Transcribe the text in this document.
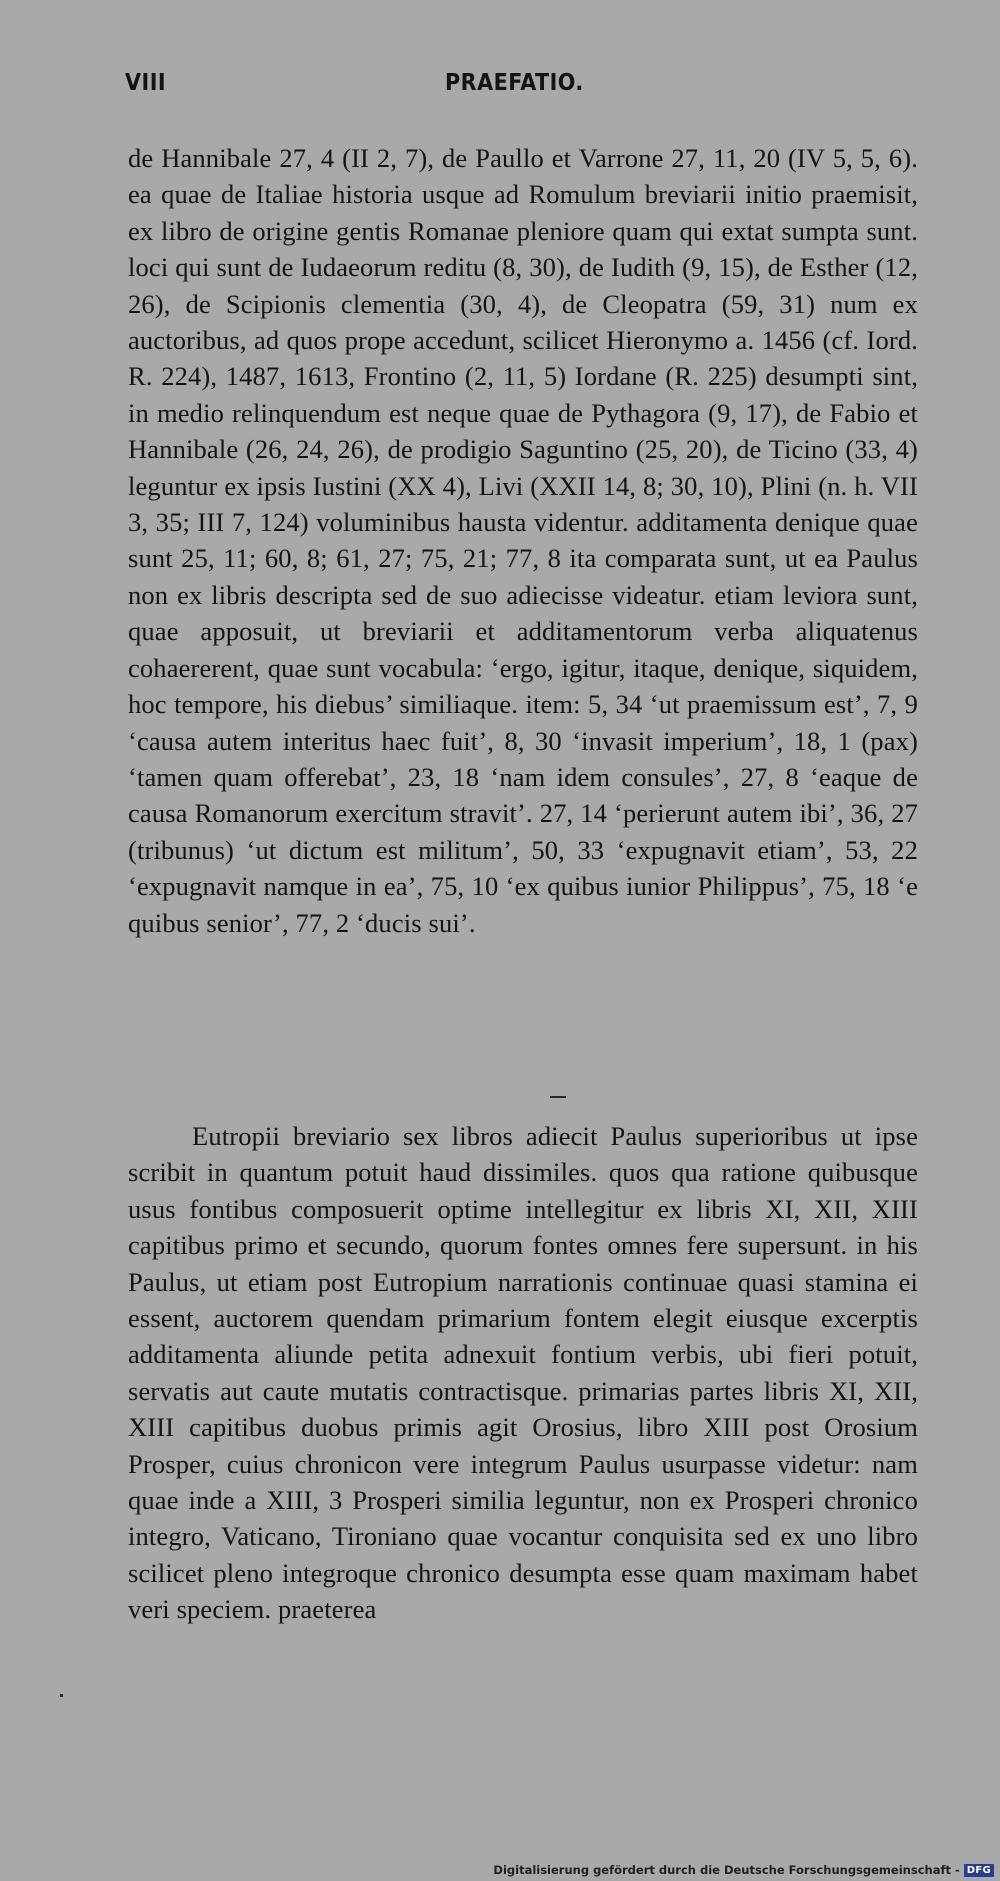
VIII	PRAEFATIO.
de Hannibale 27, 4 (II 2, 7), de Paullo et Varrone 27, 11, 20 (IV 5, 5, 6). ea quae de Italiae historia usque ad Romulum breviarii initio praemisit, ex libro de origine gentis Romanae pleniore quam qui extat sumpta sunt. loci qui sunt de Iudaeorum reditu (8, 30), de Iudith (9, 15), de Esther (12, 26), de Scipionis clementia (30, 4), de Cleopatra (59, 31) num ex auctoribus, ad quos prope accedunt, scilicet Hieronymo a. 1456 (cf. Iord. R. 224), 1487, 1613, Frontino (2, 11, 5) Iordane (R. 225) desumpti sint, in medio relinquendum est neque quae de Pythagora (9, 17), de Fabio et Hannibale (26, 24, 26), de prodigio Saguntino (25, 20), de Ticino (33, 4) leguntur ex ipsis Iustini (XX 4), Livi (XXII 14, 8; 30, 10), Plini (n. h. VII 3, 35; III 7, 124) voluminibus hausta videntur. additamenta denique quae sunt 25, 11; 60, 8; 61, 27; 75, 21; 77, 8 ita comparata sunt, ut ea Paulus non ex libris descripta sed de suo adiecisse videatur. etiam leviora sunt, quae apposuit, ut breviarii et additamentorum verba aliquatenus cohaererent, quae sunt vocabula: ‘ergo, igitur, itaque, denique, siquidem, hoc tempore, his diebus’ similiaque. item: 5, 34 ‘ut praemissum est’, 7, 9 ‘causa autem interitus haec fuit’, 8, 30 ‘invasit imperium’, 18, 1 (pax) ‘tamen quam offerebat’, 23, 18 ‘nam idem consules’, 27, 8 ‘eaque de causa Romanorum exercitum stravit’. 27, 14 ‘perierunt autem ibi’, 36, 27 (tribunus) ‘ut dictum est militum’, 50, 33 ‘expugnavit etiam’, 53, 22 ‘expugnavit namque in ea’, 75, 10 ‘ex quibus iunior Philippus’, 75, 18 ‘e quibus senior’, 77, 2 ‘ducis sui’.
Eutropii breviario sex libros adiecit Paulus superioribus ut ipse scribit in quantum potuit haud dissimiles. quos qua ratione quibusque usus fontibus composuerit optime intellegitur ex libris XI, XII, XIII capitibus primo et secundo, quorum fontes omnes fere supersunt. in his Paulus, ut etiam post Eutropium narrationis continuae quasi stamina ei essent, auctorem quendam primarium fontem elegit eiusque excerptis additamenta aliunde petita adnexuit fontium verbis, ubi fieri potuit, servatis aut caute mutatis contractisque. primarias partes libris XI, XII, XIII capitibus duobus primis agit Orosius, libro XIII post Orosium Prosper, cuius chronicon vere integrum Paulus usurpasse videtur: nam quae inde a XIII, 3 Prosperi similia leguntur, non ex Prosperi chronico integro, Vaticano, Tironiano quae vocantur conquisita sed ex uno libro scilicet pleno integroque chronico desumpta esse quam maximam habet veri speciem. praeterea
Digitalisierung gefördert durch die Deutsche Forschungsgemeinschaft - DFG
